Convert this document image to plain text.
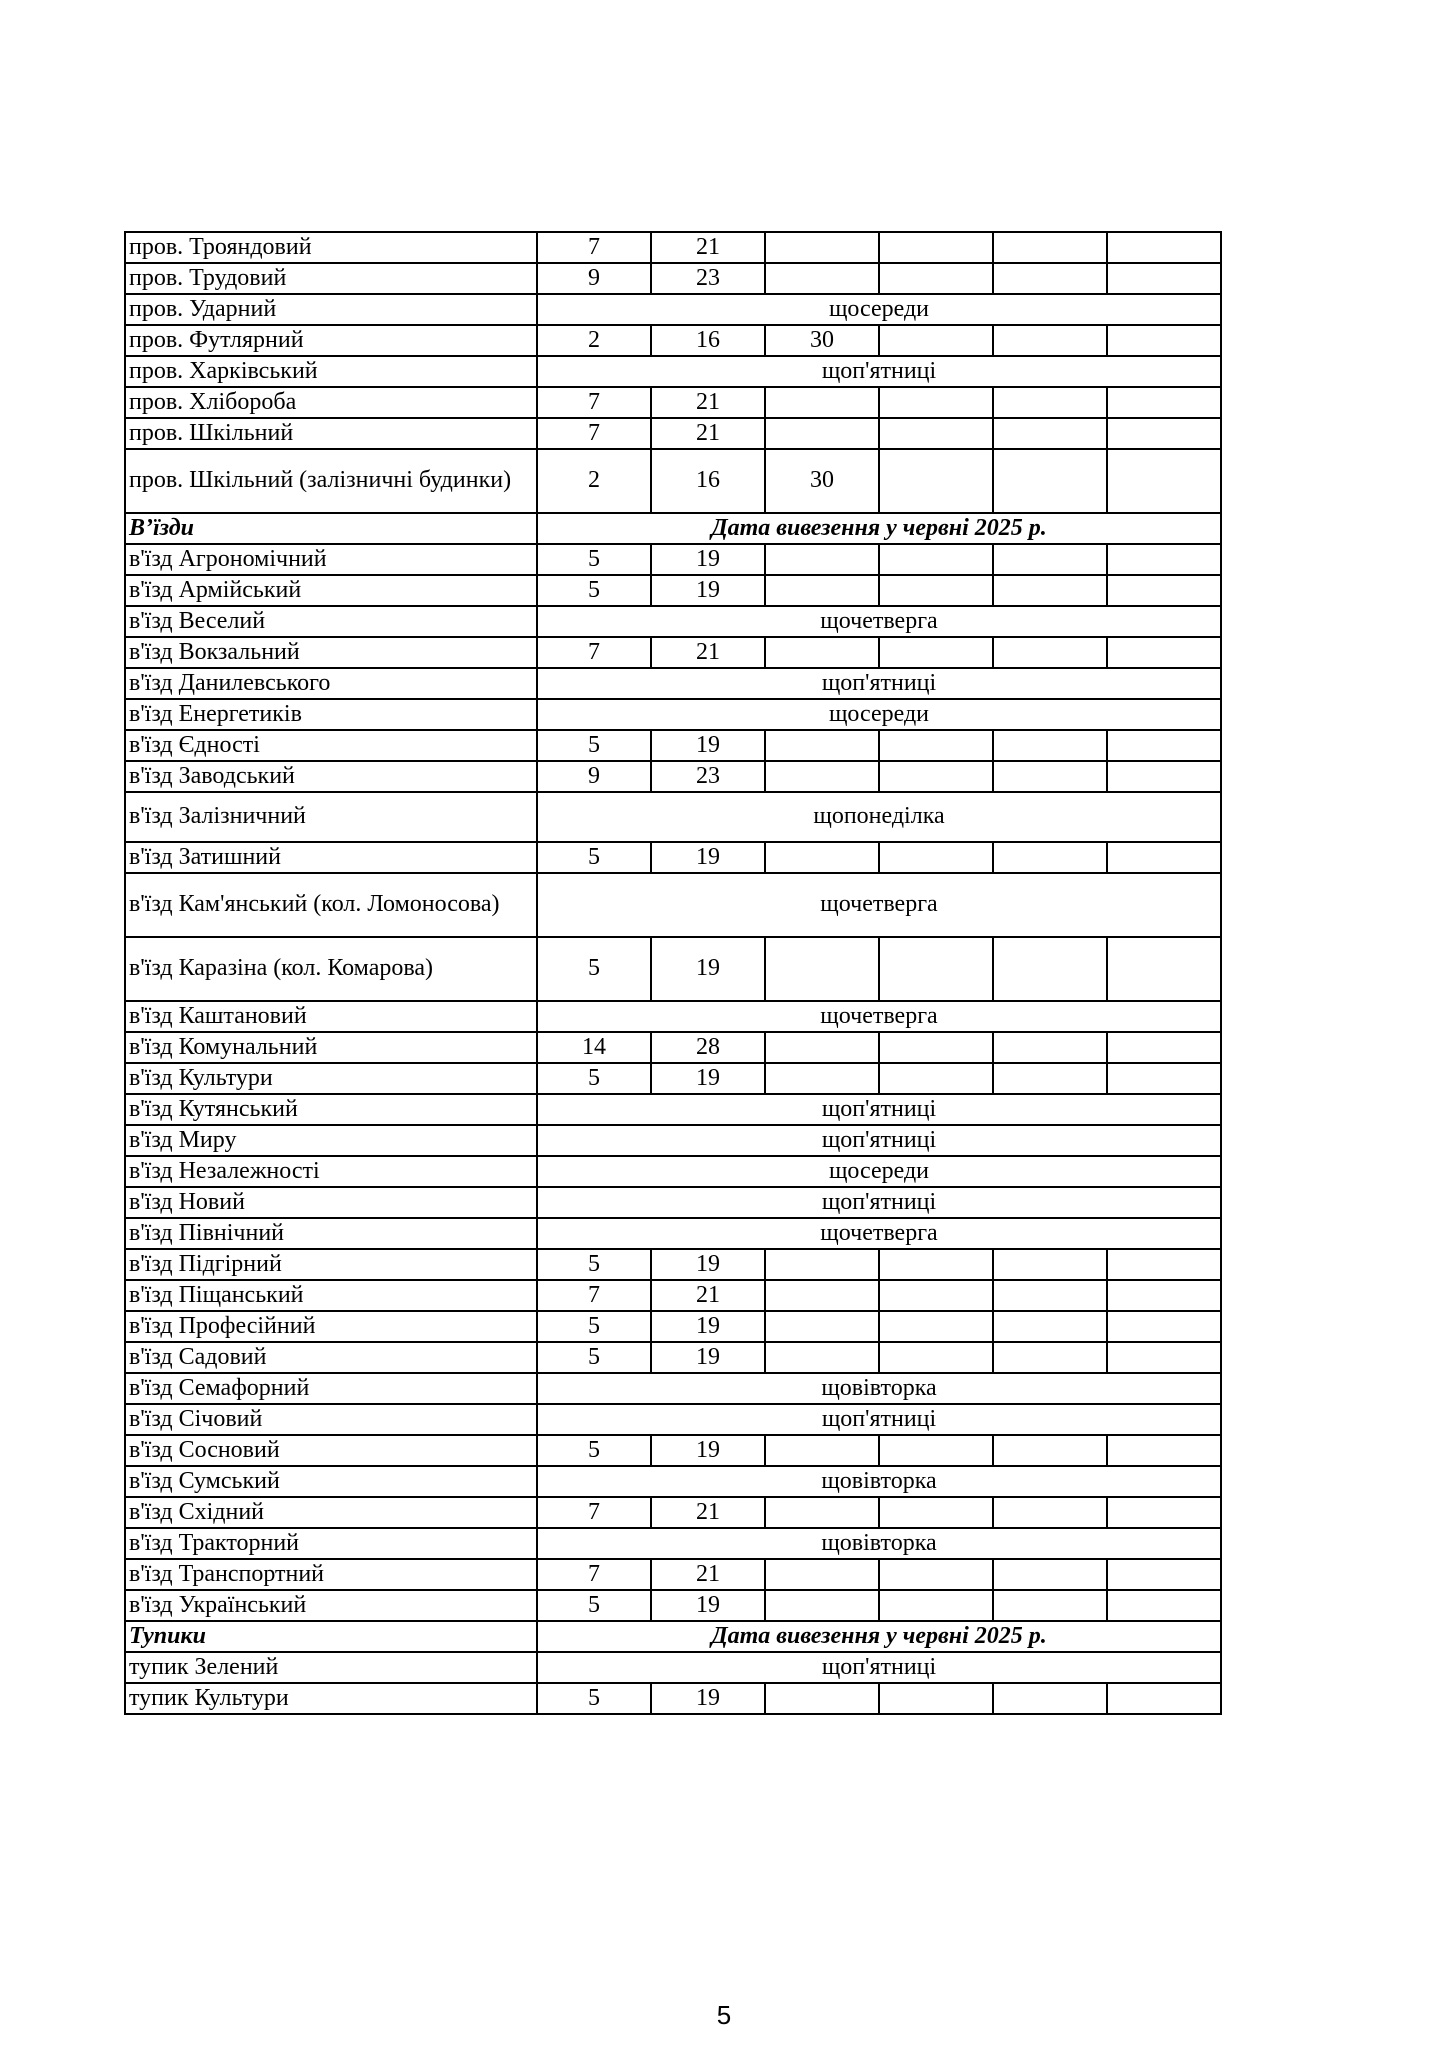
пров. Трояндовий	7	21				
пров. Трудовий	9	23				
пров. Ударний	щосереди					
пров. Футлярний	2	16	30			
пров. Харківський	щоп'ятниці					
пров. Хлібороба	7	21				
пров. Шкільний	7	21				
пров. Шкільний (залізничні будинки)	2	16	30			
В’їзди	Дата вивезення у червні 2025 р.					
в'їзд Агрономічний	5	19				
в'їзд Армійський	5	19				
в'їзд Веселий	щочетверга					
в'їзд Вокзальний	7	21				
в'їзд Данилевського	щоп'ятниці					
в'їзд Енергетиків	щосереди					
в'їзд Єдності	5	19				
в'їзд Заводський	9	23				
в'їзд Залізничний	щопонеділка					
в'їзд Затишний	5	19				
в'їзд Кам'янський (кол. Ломоносова)	щочетверга					
в'їзд Каразіна (кол. Комарова)	5	19				
в'їзд Каштановий	щочетверга					
в'їзд Комунальний	14	28				
в'їзд Культури	5	19				
в'їзд Кутянський	щоп'ятниці					
в'їзд Миру	щоп'ятниці					
в'їзд Незалежності	щосереди					
в'їзд Новий	щоп'ятниці					
в'їзд Північний	щочетверга					
в'їзд Підгірний	5	19				
в'їзд Піщанський	7	21				
в'їзд Професійний	5	19				
в'їзд Садовий	5	19				
в'їзд Семафорний	щовівторка					
в'їзд Січовий	щоп'ятниці					
в'їзд Сосновий	5	19				
в'їзд Сумський	щовівторка					
в'їзд Східний	7	21				
в'їзд Тракторний	щовівторка					
в'їзд Транспортний	7	21				
в'їзд Український	5	19				
Тупики	Дата вивезення у червні 2025 р.					
тупик Зелений	щоп'ятниці					
тупик Культури	5	19				
5
